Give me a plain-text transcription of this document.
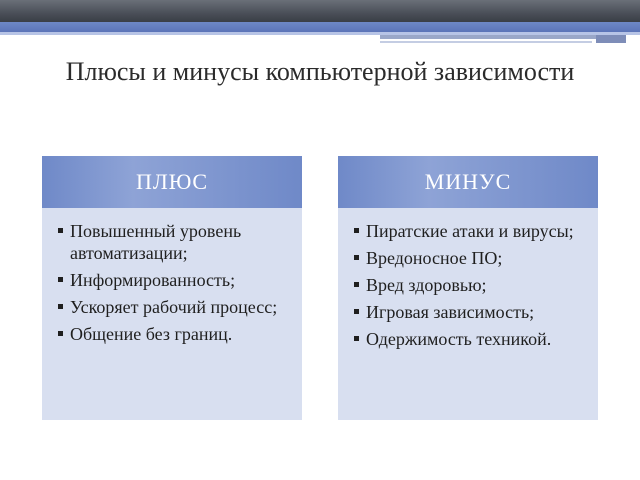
Плюсы и минусы компьютерной зависимости
ПЛЮС
Повышенный уровень автоматизации;
Информированность;
Ускоряет рабочий процесс;
Общение без границ.
МИНУС
Пиратские атаки и вирусы;
Вредоносное ПО;
Вред здоровью;
Игровая зависимость;
Одержимость техникой.
